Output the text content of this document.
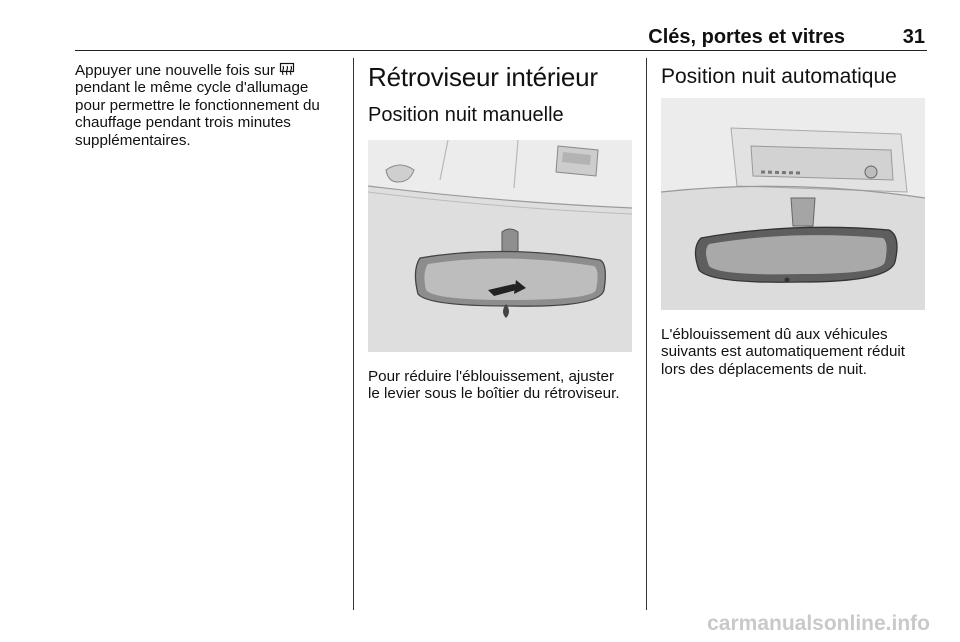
Clés, portes et vitres	31

Appuyer une nouvelle fois sur
pendant le même cycle d'allumage
pour permettre le fonctionnement du
chauffage pendant trois minutes
supplémentaires.

Rétroviseur intérieur
Position nuit manuelle

Pour réduire l'éblouissement, ajuster
le levier sous le boîtier du rétroviseur.

Position nuit automatique

L'éblouissement dû aux véhicules
suivants est automatiquement réduit
lors des déplacements de nuit.

carmanualsonline.info
